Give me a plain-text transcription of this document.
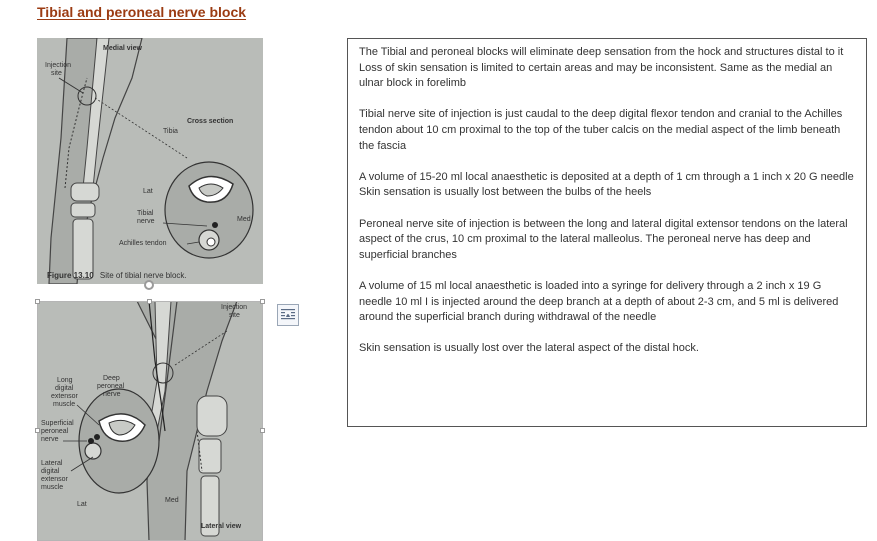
Tibial and peroneal nerve block
Medial view
Injection
site
Tibia
Cross section
Lat
Tibial
nerve	Med
Achilles tendon
Figure 13.10 Site of tibial nerve block.
Injection
site
Deep
peroneal
nerve
Long
digital
extensor
muscle
Superficial
peroneal
nerve
Lateral
digital
extensor
muscle
Lat
Med
Lateral view

The Tibial and peroneal blocks will eliminate deep sensation from the hock and structures distal to it
Loss of skin sensation is limited to certain areas and may be inconsistent. Same as the medial an ulnar block in forelimb

Tibial nerve site of injection is just caudal to the deep digital flexor tendon and cranial to the Achilles tendon about 10 cm proximal to the top of the tuber calcis on the medial aspect of the limb beneath the fascia

A volume of 15-20 ml local anaesthetic is deposited at a depth of 1 cm through a 1 inch x 20 G needle
Skin sensation is usually lost between the bulbs of the heels

Peroneal nerve site of injection is between the long and lateral digital extensor tendons on the lateral aspect of the crus, 10 cm proximal to the lateral malleolus. The peroneal nerve has deep and superficial branches

A volume of 15 ml local anaesthetic is loaded into a syringe for delivery through a 2 inch x 19 G needle 10 ml I is injected around the deep branch at a depth of about 2-3 cm, and 5 ml is delivered around the superficial branch during withdrawal of the needle

Skin sensation is usually lost over the lateral aspect of the distal hock.
